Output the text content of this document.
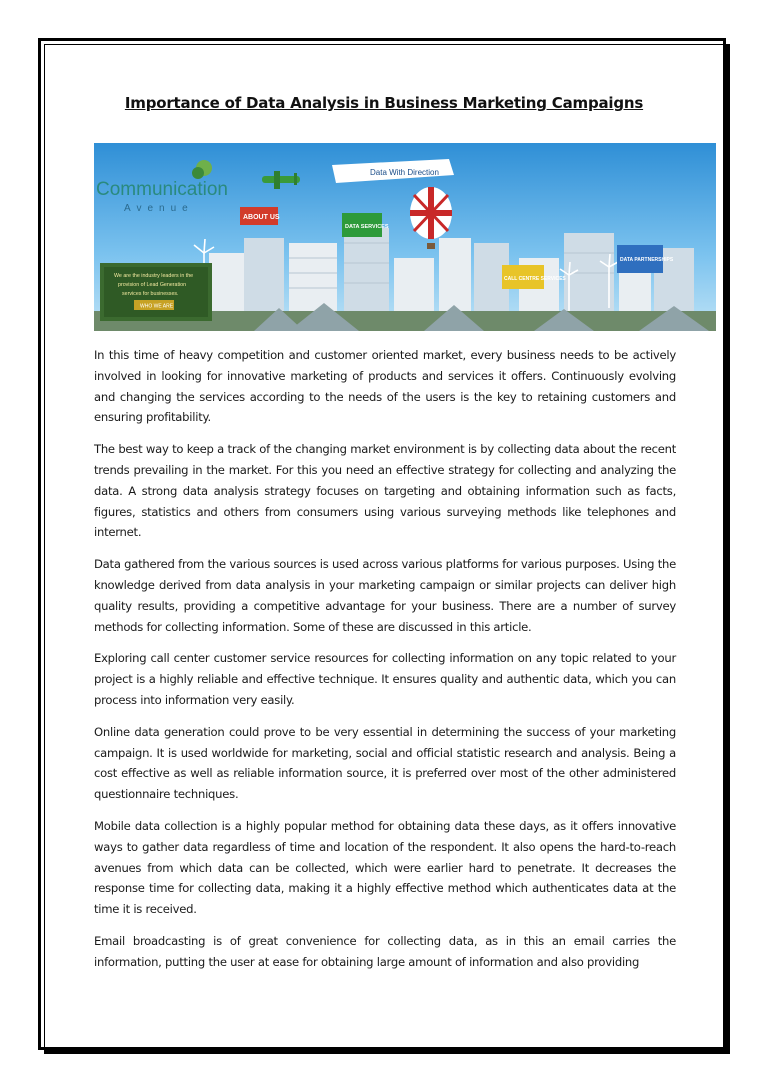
Importance of Data Analysis in Business Marketing Campaigns
Communication
Avenue
Data With Direction
ABOUT US
DATA SERVICES
CALL CENTRE SERVICES
DATA PARTNERSHIPS
We are the industry leaders in the
provision of Lead Generation
services for businesses.
WHO WE ARE

In this time of heavy competition and customer oriented market, every business needs to be actively involved in looking for innovative marketing of products and services it offers. Continuously evolving and changing the services according to the needs of the users is the key to retaining customers and ensuring profitability.

The best way to keep a track of the changing market environment is by collecting data about the recent trends prevailing in the market. For this you need an effective strategy for collecting and analyzing the data. A strong data analysis strategy focuses on targeting and obtaining information such as facts, figures, statistics and others from consumers using various surveying methods like telephones and internet.

Data gathered from the various sources is used across various platforms for various purposes. Using the knowledge derived from data analysis in your marketing campaign or similar projects can deliver high quality results, providing a competitive advantage for your business. There are a number of survey methods for collecting information. Some of these are discussed in this article.

Exploring call center customer service resources for collecting information on any topic related to your project is a highly reliable and effective technique. It ensures quality and authentic data, which you can process into information very easily.

Online data generation could prove to be very essential in determining the success of your marketing campaign. It is used worldwide for marketing, social and official statistic research and analysis. Being a cost effective as well as reliable information source, it is preferred over most of the other administered questionnaire techniques.

Mobile data collection is a highly popular method for obtaining data these days, as it offers innovative ways to gather data regardless of time and location of the respondent. It also opens the hard-to-reach avenues from which data can be collected, which were earlier hard to penetrate. It decreases the response time for collecting data, making it a highly effective method which authenticates data at the time it is received.

Email broadcasting is of great convenience for collecting data, as in this an email carries the information, putting the user at ease for obtaining large amount of information and also providing
